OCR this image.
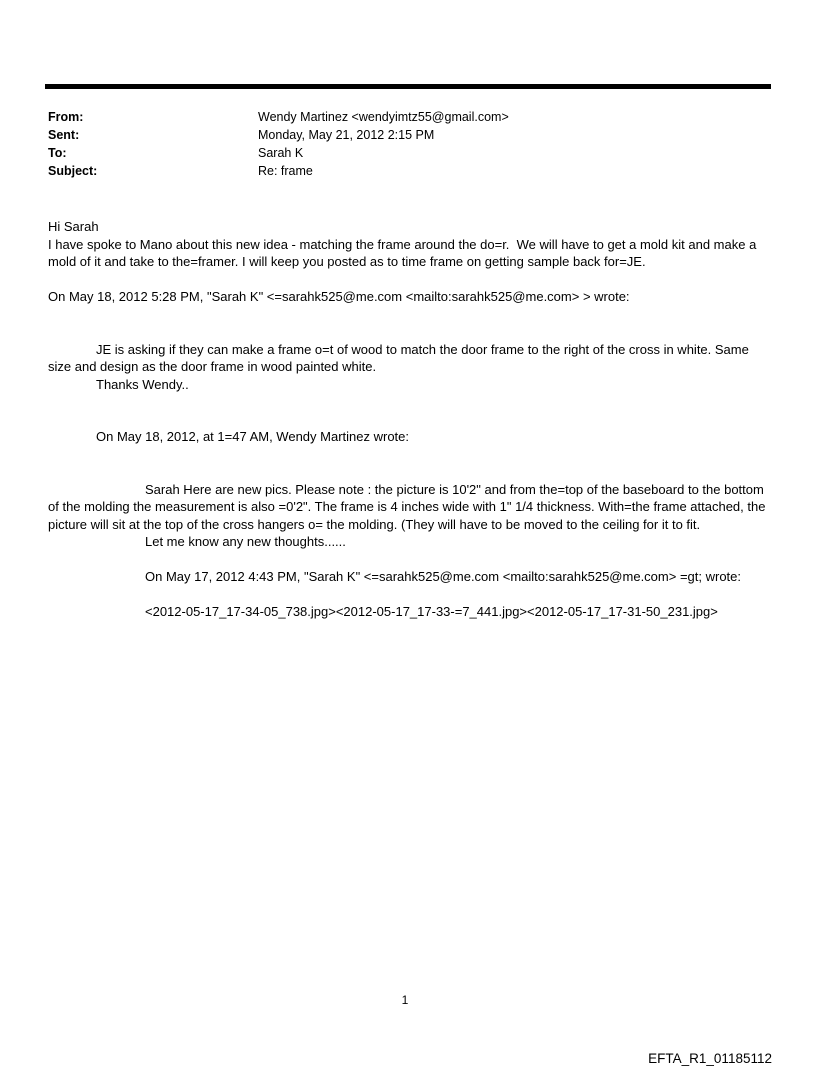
From:	Wendy Martinez <wendyimtz55@gmail.com>
Sent:	Monday, May 21, 2012 2:15 PM
To:	Sarah K
Subject:	Re: frame

Hi Sarah

I have spoke to Mano about this new idea - matching the frame around the do=r.  We will have to get a mold kit and make a mold of it and take to the=framer. I will keep you posted as to time frame on getting sample back for=JE.

On May 18, 2012 5:28 PM, "Sarah K" <=sarahk525@me.com <mailto:sarahk525@me.com> > wrote:

JE is asking if they can make a frame o=t of wood to match the door frame to the right of the cross in white. Same size and design as the door frame in wood painted white.

Thanks Wendy..

On May 18, 2012, at 1=47 AM, Wendy Martinez wrote:

Sarah Here are new pics. Please note : the picture is 10'2" and from the=top of the baseboard to the bottom of the molding the measurement is also =0'2". The frame is 4 inches wide with 1" 1/4 thickness. With=the frame attached, the picture will sit at the top of the cross hangers o= the molding. (They will have to be moved to the ceiling for it to fit.

Let me know any new thoughts......

On May 17, 2012 4:43 PM, "Sarah K" <=sarahk525@me.com <mailto:sarahk525@me.com> =gt; wrote:

<2012-05-17_17-34-05_738.jpg><2012-05-17_17-33-=7_441.jpg><2012-05-17_17-31-50_231.jpg>

1
EFTA_R1_01185112
